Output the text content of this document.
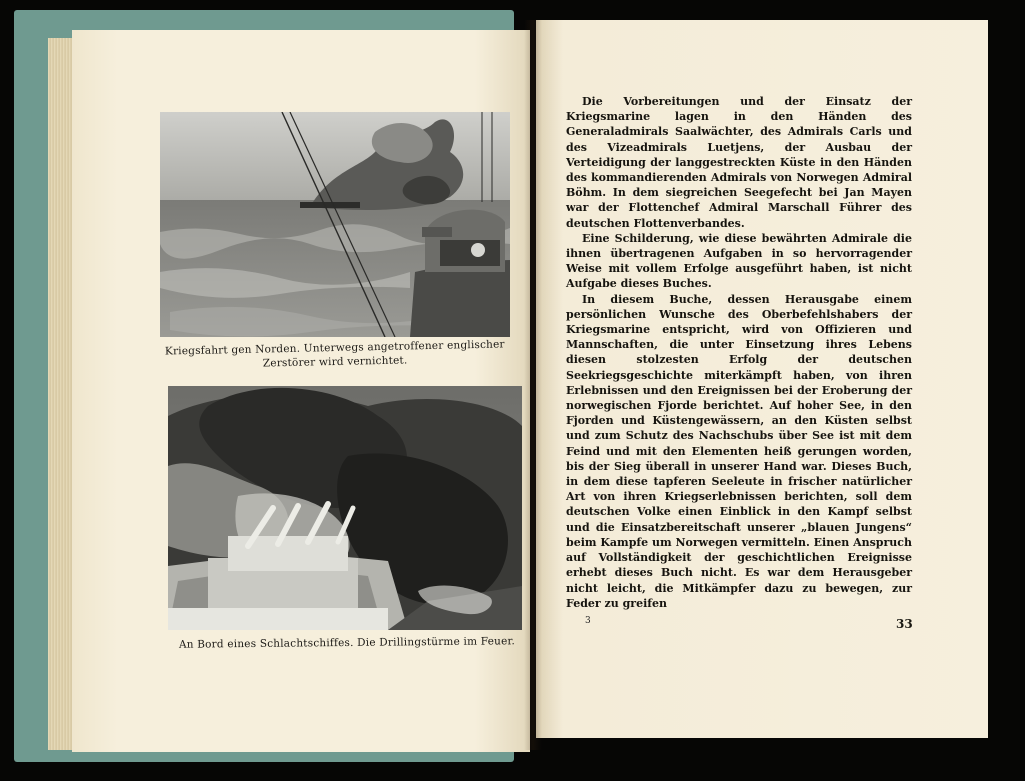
Kriegsfahrt gen Norden. Unterwegs angetroffener englischer
Zerstörer wird vernichtet.
An Bord eines Schlachtschiffes. Die Drillingstürme im Feuer.

Die Vorbereitungen und der Einsatz der Kriegsmarine lagen in den Händen des Generaladmirals Saalwächter, des Admirals Carls und des Vizeadmirals Luetjens, der Ausbau der Verteidigung der langgestreckten Küste in den Händen des kommandierenden Admirals von Norwegen Admiral Böhm. In dem siegreichen Seegefecht bei Jan Mayen war der Flottenchef Admiral Marschall Führer des deutschen Flottenverbandes.

Eine Schilderung, wie diese bewährten Admirale die ihnen übertragenen Aufgaben in so hervorragender Weise mit vollem Erfolge ausgeführt haben, ist nicht Aufgabe dieses Buches.

In diesem Buche, dessen Herausgabe einem persönlichen Wunsche des Oberbefehlshabers der Kriegsmarine entspricht, wird von Offizieren und Mannschaften, die unter Einsetzung ihres Lebens diesen stolzesten Erfolg der deutschen Seekriegsgeschichte miterkämpft haben, von ihren Erlebnissen und den Ereignissen bei der Eroberung der norwegischen Fjorde berichtet. Auf hoher See, in den Fjorden und Küstengewässern, an den Küsten selbst und zum Schutz des Nachschubs über See ist mit dem Feind und mit den Elementen heiß gerungen worden, bis der Sieg überall in unserer Hand war. Dieses Buch, in dem diese tapferen Seeleute in frischer natürlicher Art von ihren Kriegserlebnissen berichten, soll dem deutschen Volke einen Einblick in den Kampf selbst und die Einsatzbereitschaft unserer „blauen Jungens“ beim Kampfe um Norwegen vermitteln. Einen Anspruch auf Vollständigkeit der geschichtlichen Ereignisse erhebt dieses Buch nicht. Es war dem Herausgeber nicht leicht, die Mitkämpfer dazu zu bewegen, zur Feder zu greifen

3	33
